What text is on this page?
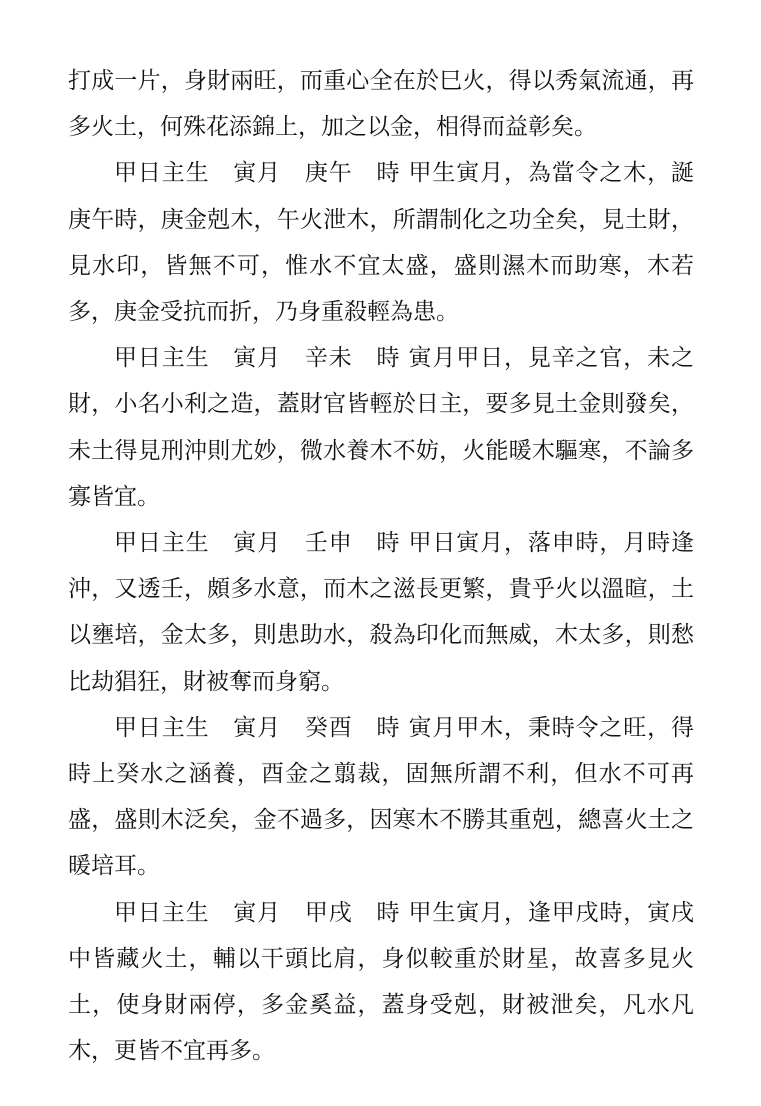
打成一片，身財兩旺，而重心全在於巳火，得以秀氣流通，再多火土，何殊花添錦上，加之以金，相得而益彰矣。

甲日主生　寅月　庚午　時 甲生寅月，為當令之木，誕庚午時，庚金剋木，午火泄木，所謂制化之功全矣，見土財，見水印，皆無不可，惟水不宜太盛，盛則濕木而助寒，木若多，庚金受抗而折，乃身重殺輕為患。

甲日主生　寅月　辛未　時 寅月甲日，見辛之官，未之財，小名小利之造，蓋財官皆輕於日主，要多見土金則發矣，未土得見刑沖則尤妙，微水養木不妨，火能暖木驅寒，不論多寡皆宜。

甲日主生　寅月　壬申　時 甲日寅月，落申時，月時逢沖，又透壬，頗多水意，而木之滋長更繁，貴乎火以溫暄，土以壅培，金太多，則患助水，殺為印化而無威，木太多，則愁比劫猖狂，財被奪而身窮。

甲日主生　寅月　癸酉　時 寅月甲木，秉時令之旺，得時上癸水之涵養，酉金之翦裁，固無所謂不利，但水不可再盛，盛則木泛矣，金不過多，因寒木不勝其重剋，總喜火土之暖培耳。

甲日主生　寅月　甲戌　時 甲生寅月，逢甲戌時，寅戌中皆藏火土，輔以干頭比肩，身似較重於財星，故喜多見火土，使身財兩停，多金奚益，蓋身受剋，財被泄矣，凡水凡木，更皆不宜再多。
